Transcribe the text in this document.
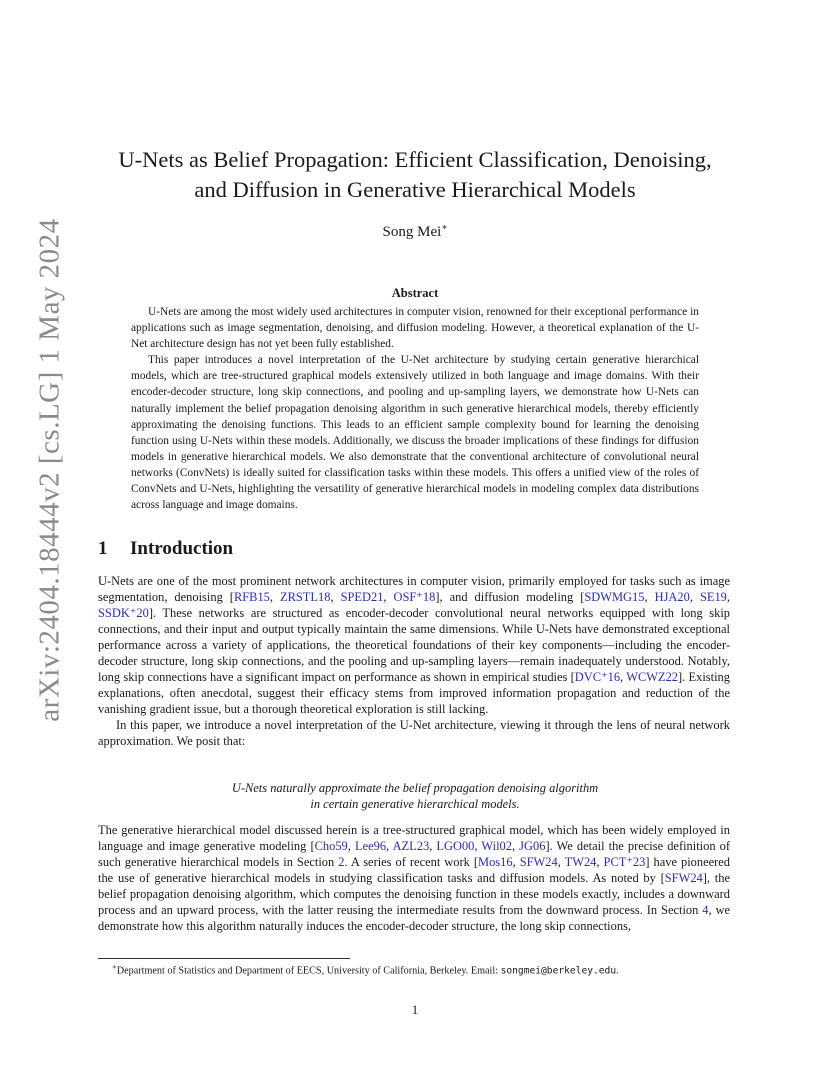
arXiv:2404.18444v2 [cs.LG] 1 May 2024
U-Nets as Belief Propagation: Efficient Classification, Denoising,
and Diffusion in Generative Hierarchical Models
Song Mei∗
Abstract

U-Nets are among the most widely used architectures in computer vision, renowned for their exceptional performance in applications such as image segmentation, denoising, and diffusion modeling. However, a theoretical explanation of the U-Net architecture design has not yet been fully established.

This paper introduces a novel interpretation of the U-Net architecture by studying certain generative hierarchical models, which are tree-structured graphical models extensively utilized in both language and image domains. With their encoder-decoder structure, long skip connections, and pooling and up-sampling layers, we demonstrate how U-Nets can naturally implement the belief propagation denoising algorithm in such generative hierarchical models, thereby efficiently approximating the denoising functions. This leads to an efficient sample complexity bound for learning the denoising function using U-Nets within these models. Additionally, we discuss the broader implications of these findings for diffusion models in generative hierarchical models. We also demonstrate that the conventional architecture of convolutional neural networks (ConvNets) is ideally suited for classification tasks within these models. This offers a unified view of the roles of ConvNets and U-Nets, highlighting the versatility of generative hierarchical models in modeling complex data distributions across language and image domains.

1 Introduction

U-Nets are one of the most prominent network architectures in computer vision, primarily employed for tasks such as image segmentation, denoising [RFB15, ZRSTL18, SPED21, OSF⁺18], and diffusion modeling [SDWMG15, HJA20, SE19, SSDK⁺20]. These networks are structured as encoder-decoder convolutional neural networks equipped with long skip connections, and their input and output typically maintain the same dimensions. While U-Nets have demonstrated exceptional performance across a variety of applications, the theoretical foundations of their key components—including the encoder-decoder structure, long skip connections, and the pooling and up-sampling layers—remain inadequately understood. Notably, long skip connections have a significant impact on performance as shown in empirical studies [DVC⁺16, WCWZ22]. Existing explanations, often anecdotal, suggest their efficacy stems from improved information propagation and reduction of the vanishing gradient issue, but a thorough theoretical exploration is still lacking.

In this paper, we introduce a novel interpretation of the U-Net architecture, viewing it through the lens of neural network approximation. We posit that:

U-Nets naturally approximate the belief propagation denoising algorithm
in certain generative hierarchical models.

The generative hierarchical model discussed herein is a tree-structured graphical model, which has been widely employed in language and image generative modeling [Cho59, Lee96, AZL23, LGO00, Wil02, JG06]. We detail the precise definition of such generative hierarchical models in Section 2. A series of recent work [Mos16, SFW24, TW24, PCT⁺23] have pioneered the use of generative hierarchical models in studying classification tasks and diffusion models. As noted by [SFW24], the belief propagation denoising algorithm, which computes the denoising function in these models exactly, includes a downward process and an upward process, with the latter reusing the intermediate results from the downward process. In Section 4, we demonstrate how this algorithm naturally induces the encoder-decoder structure, the long skip connections,

∗Department of Statistics and Department of EECS, University of California, Berkeley. Email: songmei@berkeley.edu.
1
